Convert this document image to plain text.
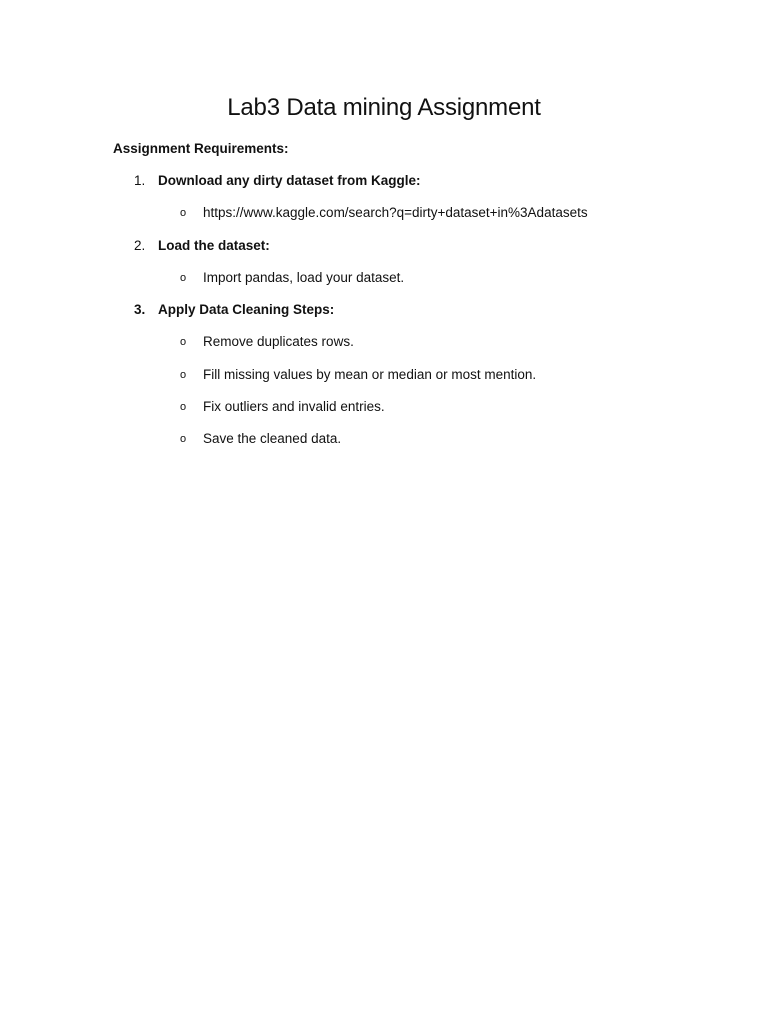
Lab3 Data mining Assignment

Assignment Requirements:

1. Download any dirty dataset from Kaggle:
o https://www.kaggle.com/search?q=dirty+dataset+in%3Adatasets
2. Load the dataset:
o Import pandas, load your dataset.
3. Apply Data Cleaning Steps:
o Remove duplicates rows.
o Fill missing values by mean or median or most mention.
o Fix outliers and invalid entries.
o Save the cleaned data.
